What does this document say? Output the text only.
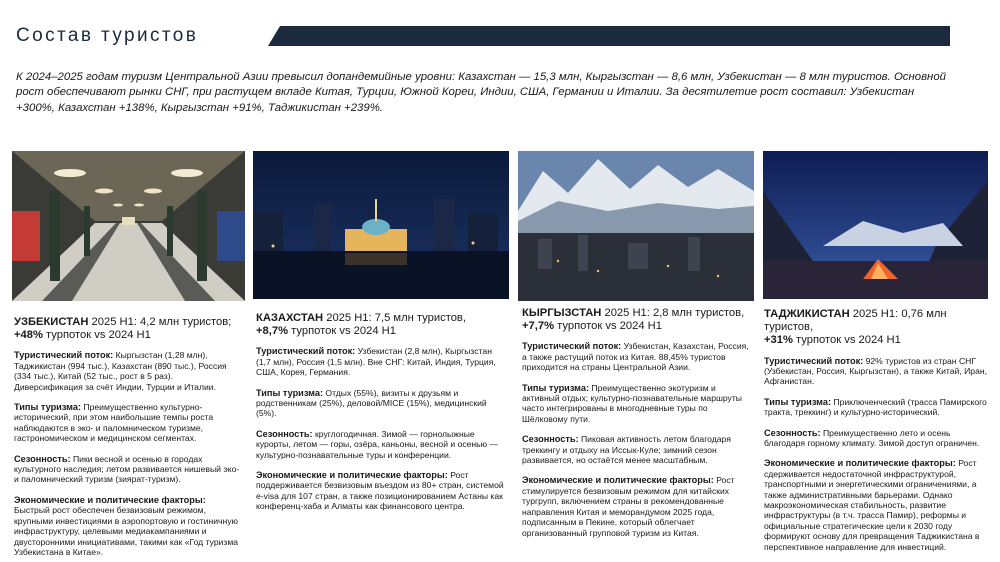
Состав туристов
К 2024–2025 годам туризм Центральной Азии превысил допандемийные уровни: Казахстан — 15,3 млн, Кыргызстан — 8,6 млн, Узбекистан — 8 млн туристов. Основной рост обеспечивают рынки СНГ, при растущем вкладе Китая, Турции, Южной Кореи, Индии, США, Германии и Италии. За десятилетие рост составил: Узбекистан +300%, Казахстан +138%, Кыргызстан +91%, Таджикистан +239%.
УЗБЕКИСТАН 2025 H1: 4,2 млн туристов;
+48% турпоток vs 2024 H1

Туристический поток: Кыргызстан (1,28 млн), Таджикистан (994 тыс.), Казахстан (890 тыс.), Россия (334 тыс.), Китай (52 тыс., рост в 5 раз). Диверсификация за счёт Индии, Турции и Италии.

Типы туризма: Преимущественно культурно-исторический, при этом наибольшие темпы роста наблюдаются в эко- и паломническом туризме, гастрономическом и медицинском сегментах.

Сезонность: Пики весной и осенью в городах культурного наследия; летом развивается нишевый эко- и паломнический туризм (зиярат-туризм).

Экономические и политические факторы: Быстрый рост обеспечен безвизовым режимом, крупными инвестициями в аэропортовую и гостиничную инфраструктуру, целевыми медиакампаниями и двусторонними инициативами, такими как «Год туризма Узбекистана в Китае».

КАЗАХСТАН 2025 H1: 7,5 млн туристов,
+8,7% турпоток vs 2024 H1

Туристический поток: Узбекистан (2,8 млн), Кыргызстан (1,7 млн), Россия (1,5 млн). Вне СНГ: Китай, Индия, Турция, США, Корея, Германия.

Типы туризма: Отдых (55%), визиты к друзьям и родственникам (25%), деловой/MICE (15%), медицинский (5%).

Сезонность: круглогодичная. Зимой — горнолыжные курорты, летом — горы, озёра, каньоны, весной и осенью — культурно-познавательные туры и конференции.

Экономические и политические факторы: Рост поддерживается безвизовым въездом из 80+ стран, системой e-visa для 107 стран, а также позиционированием Астаны как конференц-хаба и Алматы как финансового центра.

КЫРГЫЗСТАН 2025 H1: 2,8 млн туристов,
+7,7% турпоток vs 2024 H1

Туристический поток: Узбекистан, Казахстан, Россия, а также растущий поток из Китая. 88,45% туристов приходится на страны Центральной Азии.

Типы туризма: Преимущественно экотуризм и активный отдых; культурно-познавательные маршруты часто интегрированы в многодневные туры по Шёлковому пути.

Сезонность: Пиковая активность летом благодаря треккингу и отдыху на Иссык-Куле; зимний сезон развивается, но остаётся менее масштабным.

Экономические и политические факторы: Рост стимулируется безвизовым режимом для китайских тургрупп, включением страны в рекомендованные направления Китая и меморандумом 2025 года, подписанным в Пекине, который облегчает организованный групповой туризм из Китая.

ТАДЖИКИСТАН 2025 H1: 0,76 млн туристов,
+31% турпоток vs 2024 H1

Туристический поток: 92% туристов из стран СНГ (Узбекистан, Россия, Кыргызстан), а также Китай, Иран, Афганистан.

Типы туризма: Приключенческий (трасса Памирского тракта, треккинг) и культурно-исторический.

Сезонность: Преимущественно лето и осень благодаря горному климату. Зимой доступ ограничен.

Экономические и политические факторы: Рост сдерживается недостаточной инфраструктурой, транспортными и энергетическими ограничениями, а также административными барьерами. Однако макроэкономическая стабильность, развитие инфраструктуры (в т.ч. трасса Памир), реформы и официальные стратегические цели к 2030 году формируют основу для превращения Таджикистана в перспективное направление для инвестиций.
